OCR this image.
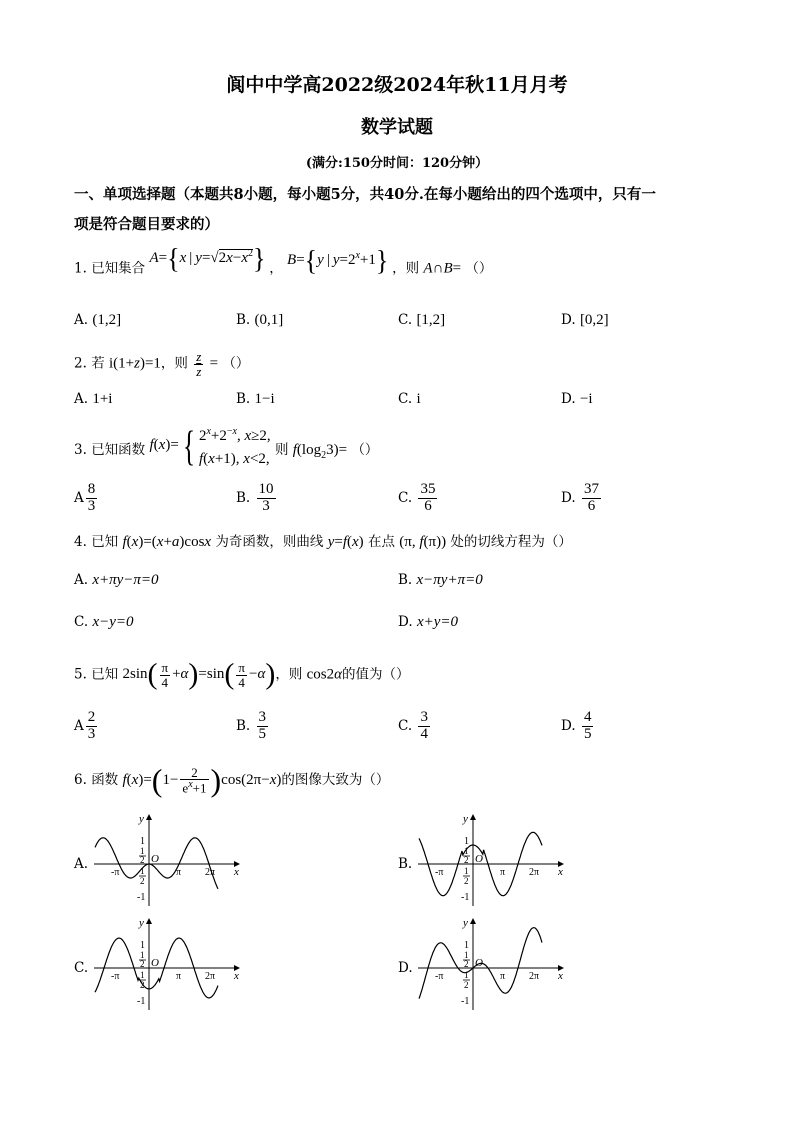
阆中中学高2022级2024年秋11月月考
数学试题
(满分:150分时间：120分钟）
一、单项选择题（本题共8小题，每小题5分，共40分.在每小题给出的四个选项中，只有一
项是符合题目要求的）
1. 已知集合 A={x | $y=√2x-x^2$} ， B={y | $y=2^x+1$} ，则 A∩B= （）
A. (1,2]	B. (0,1]	C. [1,2]	D. [0,2]
2. 若 i(1+z)=1，则 $\frac{z}{z}$ = （）
A. 1+i	B. 1−i	C. i	D. −i
3. 已知函数 f(x)={ $2^x+2^{-x}$, x≥2,
f(x+1), x<2, 则 $f(\log_23)=$ （）
A $\frac{8}{3}$	B. $\frac{10}{3}$	C. $\frac{35}{6}$	D. $\frac{37}{6}$
4. 已知 f(x)=(x+a)cosx 为奇函数，则曲线 y=f(x) 在点 (π, f(π)) 处的切线方程为（）
A. x+πy−π=0	B. x−πy+π=0
C. x−y=0	D. x+y=0
5. 已知 $2\sin( \frac{\pi}{4} +\alpha)=\sin( \frac{\pi}{4} -\alpha)$，则 cos2α的值为（）
A $\frac{2}{3}$	B. $\frac{3}{5}$	C. $\frac{3}{4}$	D. $\frac{4}{5}$
6. 函数 $f(x)=(1- \frac{2}{e^x+1} )\cos(2\pi-x)$的图像大致为（）
A.	B.
C.	D.
y
x
O
1
1
2
1
2
-1
-π	π 2π
y
x
O
1
1
2
1
2
-1
-π	π 2π
y
x
O
1
1
2
1
2
-1
-π	π 2π
y
x
O
1
1
2
1
2
-1
-π	π 2π
